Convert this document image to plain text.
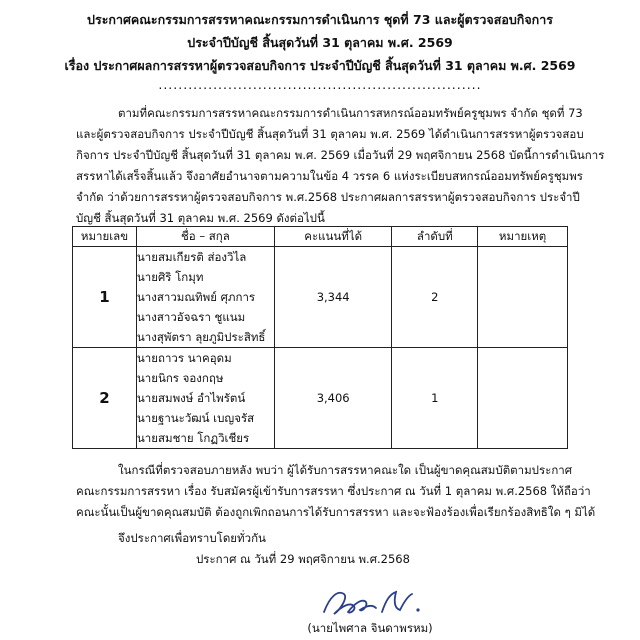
ประกาศคณะกรรมการสรรหาคณะกรรมการดำเนินการ ชุดที่ 73 และผู้ตรวจสอบกิจการ
ประจำปีบัญชี สิ้นสุดวันที่ 31 ตุลาคม พ.ศ. 2569
เรื่อง ประกาศผลการสรรหาผู้ตรวจสอบกิจการ ประจำปีบัญชี สิ้นสุดวันที่ 31 ตุลาคม พ.ศ. 2569
.................................................................
ตามที่คณะกรรมการสรรหาคณะกรรมการดำเนินการสหกรณ์ออมทรัพย์ครูชุมพร จำกัด ชุดที่ 73
และผู้ตรวจสอบกิจการ ประจำปีบัญชี สิ้นสุดวันที่ 31 ตุลาคม พ.ศ. 2569 ได้ดำเนินการสรรหาผู้ตรวจสอบ
กิจการ ประจำปีบัญชี สิ้นสุดวันที่ 31 ตุลาคม พ.ศ. 2569 เมื่อวันที่ 29 พฤศจิกายน 2568 บัดนี้การดำเนินการ
สรรหาได้เสร็จสิ้นแล้ว จึงอาศัยอำนาจตามความในข้อ 4 วรรค 6 แห่งระเบียบสหกรณ์ออมทรัพย์ครูชุมพร
จำกัด ว่าด้วยการสรรหาผู้ตรวจสอบกิจการ พ.ศ.2568 ประกาศผลการสรรหาผู้ตรวจสอบกิจการ ประจำปี
บัญชี สิ้นสุดวันที่ 31 ตุลาคม พ.ศ. 2569 ดังต่อไปนี้
หมายเลข	ชื่อ – สกุล	คะแนนที่ได้	ลำดับที่	หมายเหตุ
1	นายสมเกียรติ ส่องวิไล
นายศิริ โกมุท
นางสาวมณทิพย์ ศุภการ
นางสาวอัจฉรา ชูแนม
นางสุพัตรา ลุยภูมิประสิทธิ์	3,344	2	
2	นายถาวร นาคอุดม
นายนิกร จองกฤษ
นายสมพงษ์ อำไพรัตน์
นายฐานะวัฒน์ เบญจรัส
นายสมชาย โกฏวิเชียร	3,406	1	
ในกรณีที่ตรวจสอบภายหลัง พบว่า ผู้ได้รับการสรรหาคณะใด เป็นผู้ขาดคุณสมบัติตามประกาศ
คณะกรรมการสรรหา เรื่อง รับสมัครผู้เข้ารับการสรรหา ซึ่งประกาศ ณ วันที่ 1 ตุลาคม พ.ศ.2568 ให้ถือว่า
คณะนั้นเป็นผู้ขาดคุณสมบัติ ต้องถูกเพิกถอนการได้รับการสรรหา และจะฟ้องร้องเพื่อเรียกร้องสิทธิใด ๆ มิได้
จึงประกาศเพื่อทราบโดยทั่วกัน
ประกาศ ณ วันที่ 29 พฤศจิกายน พ.ศ.2568
(นายไพศาล จินดาพรหม)
